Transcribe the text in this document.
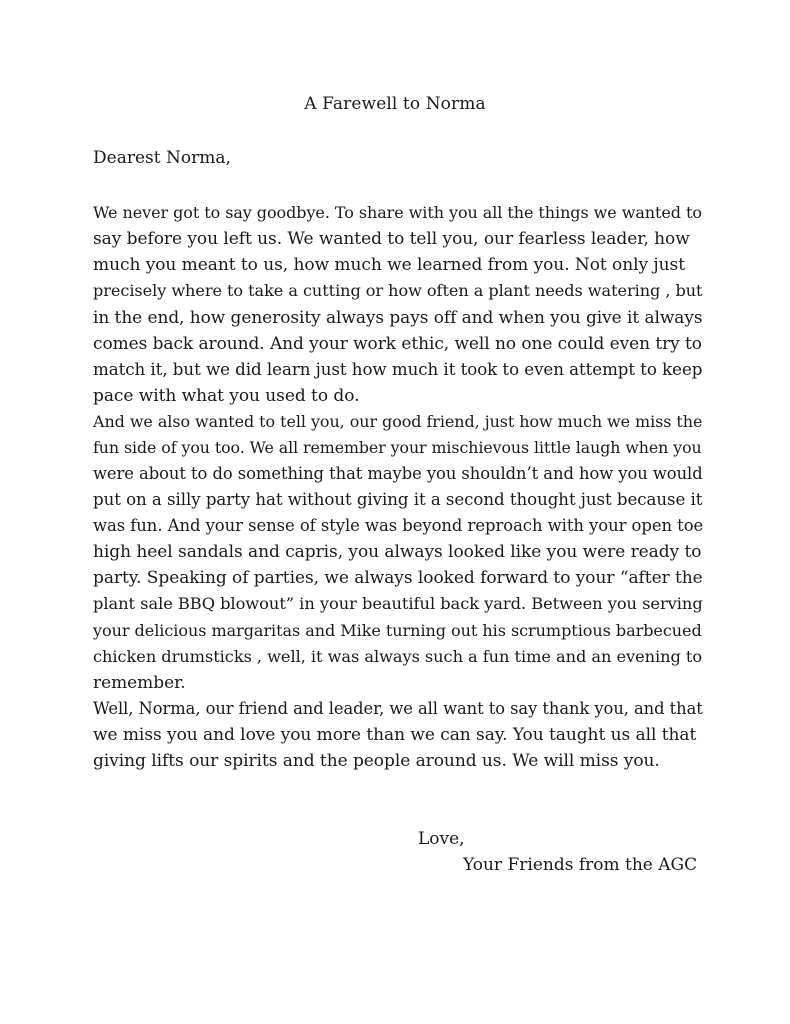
A Farewell to Norma
Dearest Norma,
We never got to say goodbye. To share with you all the things we wanted to
say before you left us. We wanted to tell you, our fearless leader, how
much you meant to us, how much we learned from you. Not only just
precisely where to take a cutting or how often a plant needs watering , but
in the end, how generosity always pays off and when you give it always
comes back around. And your work ethic, well no one could even try to
match it, but we did learn just how much it took to even attempt to keep
pace with what you used to do.
And we also wanted to tell you, our good friend, just how much we miss the
fun side of you too. We all remember your mischievous little laugh when you
were about to do something that maybe you shouldn’t and how you would
put on a silly party hat without giving it a second thought just because it
was fun. And your sense of style was beyond reproach with your open toe
high heel sandals and capris, you always looked like you were ready to
party. Speaking of parties, we always looked forward to your “after the
plant sale BBQ blowout” in your beautiful back yard. Between you serving
your delicious margaritas and Mike turning out his scrumptious barbecued
chicken drumsticks , well, it was always such a fun time and an evening to
remember.
Well, Norma, our friend and leader, we all want to say thank you, and that
we miss you and love you more than we can say. You taught us all that
giving lifts our spirits and the people around us. We will miss you.
Love,
Your Friends from the AGC
